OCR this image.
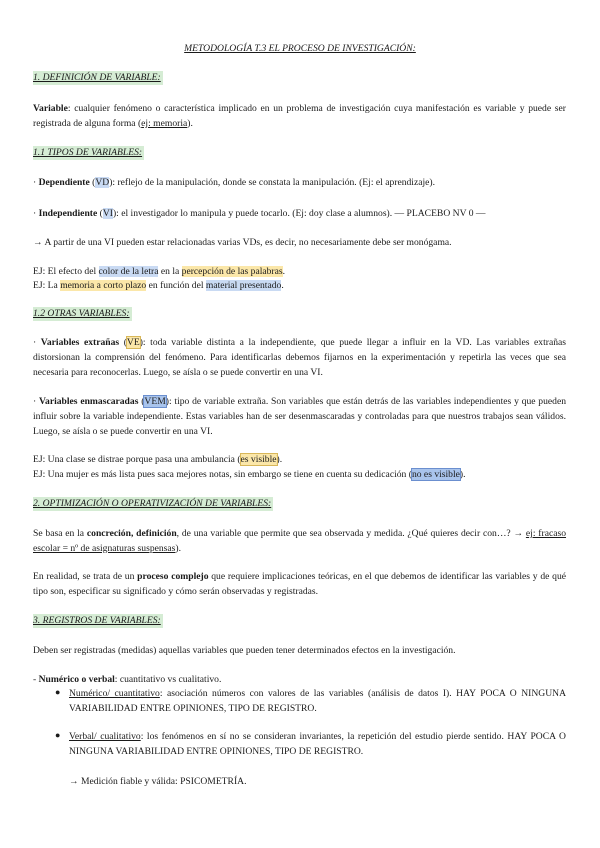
METODOLOGÍA T.3 EL PROCESO DE INVESTIGACIÓN:
1. DEFINICIÓN DE VARIABLE:
Variable: cualquier fenómeno o característica implicado en un problema de investigación cuya manifestación es variable y puede ser registrada de alguna forma (ej: memoria).
1.1 TIPOS DE VARIABLES:
· Dependiente (VD): reflejo de la manipulación, donde se constata la manipulación. (Ej: el aprendizaje).
· Independiente (VI): el investigador lo manipula y puede tocarlo. (Ej: doy clase a alumnos). — PLACEBO NV 0 —
→ A partir de una VI pueden estar relacionadas varias VDs, es decir, no necesariamente debe ser monógama.
EJ: El efecto del color de la letra en la percepción de las palabras.
EJ: La memoria a corto plazo en función del material presentado.
1.2 OTRAS VARIABLES:
· Variables extrañas (VE): toda variable distinta a la independiente, que puede llegar a influir en la VD. Las variables extrañas distorsionan la comprensión del fenómeno. Para identificarlas debemos fijarnos en la experimentación y repetirla las veces que sea necesaria para reconocerlas. Luego, se aísla o se puede convertir en una VI.
· Variables enmascaradas (VEM): tipo de variable extraña. Son variables que están detrás de las variables independientes y que pueden influir sobre la variable independiente. Estas variables han de ser desenmascaradas y controladas para que nuestros trabajos sean válidos. Luego, se aísla o se puede convertir en una VI.
EJ: Una clase se distrae porque pasa una ambulancia (es visible).
EJ: Una mujer es más lista pues saca mejores notas, sin embargo se tiene en cuenta su dedicación (no es visible).
2. OPTIMIZACIÓN O OPERATIVIZACIÓN DE VARIABLES:
Se basa en la concreción, definición, de una variable que permite que sea observada y medida. ¿Qué quieres decir con…? → ej: fracaso escolar = nº de asignaturas suspensas).
En realidad, se trata de un proceso complejo que requiere implicaciones teóricas, en el que debemos de identificar las variables y de qué tipo son, especificar su significado y cómo serán observadas y registradas.
3. REGISTROS DE VARIABLES:
Deben ser registradas (medidas) aquellas variables que pueden tener determinados efectos en la investigación.
- Numérico o verbal: cuantitativo vs cualitativo.
● Numérico/ cuantitativo: asociación números con valores de las variables (análisis de datos I). HAY POCA O NINGUNA VARIABILIDAD ENTRE OPINIONES, TIPO DE REGISTRO.
● Verbal/ cualitativo: los fenómenos en sí no se consideran invariantes, la repetición del estudio pierde sentido. HAY POCA O NINGUNA VARIABILIDAD ENTRE OPINIONES, TIPO DE REGISTRO.
→ Medición fiable y válida: PSICOMETRÍA.
